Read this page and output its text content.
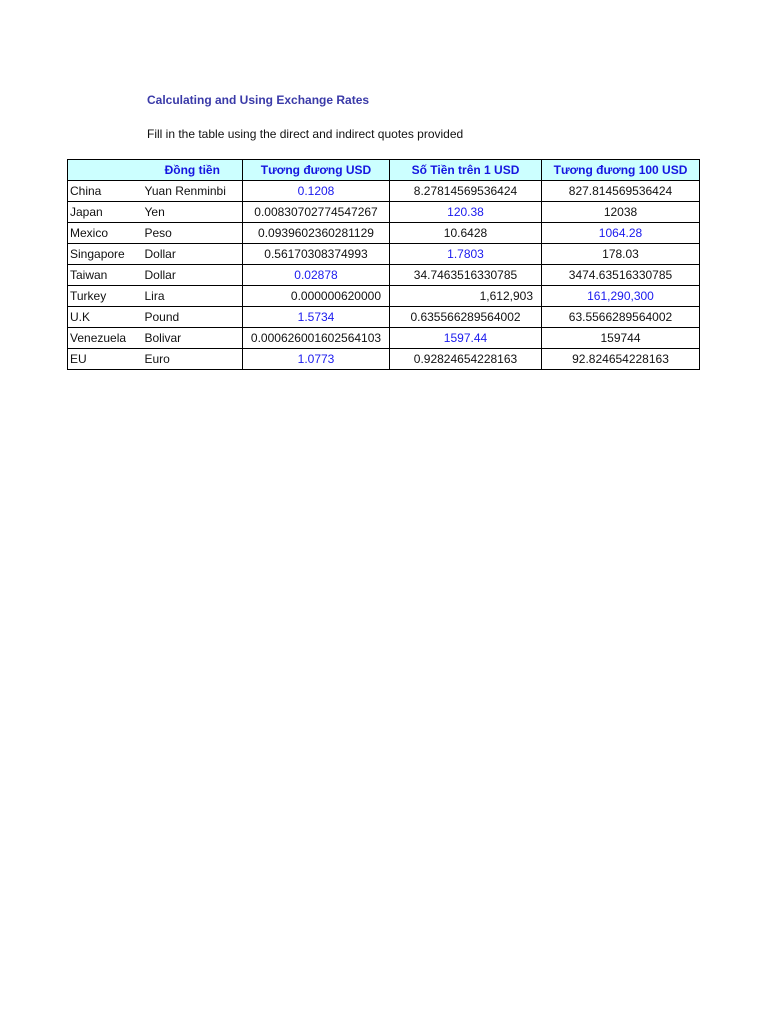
Calculating and Using Exchange Rates
Fill in the table using the direct and indirect quotes provided
	Đồng tiền	Tương đương USD	Số Tiền trên 1 USD	Tương đương 100 USD
China	Yuan Renminbi	0.1208	8.27814569536424	827.814569536424
Japan	Yen	0.00830702774547267	120.38	12038
Mexico	Peso	0.0939602360281129	10.6428	1064.28
Singapore	Dollar	0.56170308374993	1.7803	178.03
Taiwan	Dollar	0.02878	34.7463516330785	3474.63516330785
Turkey	Lira	0.000000620000	1,612,903	161,290,300
U.K	Pound	1.5734	0.635566289564002	63.5566289564002
Venezuela	Bolivar	0.000626001602564103	1597.44	159744
EU	Euro	1.0773	0.92824654228163	92.824654228163
